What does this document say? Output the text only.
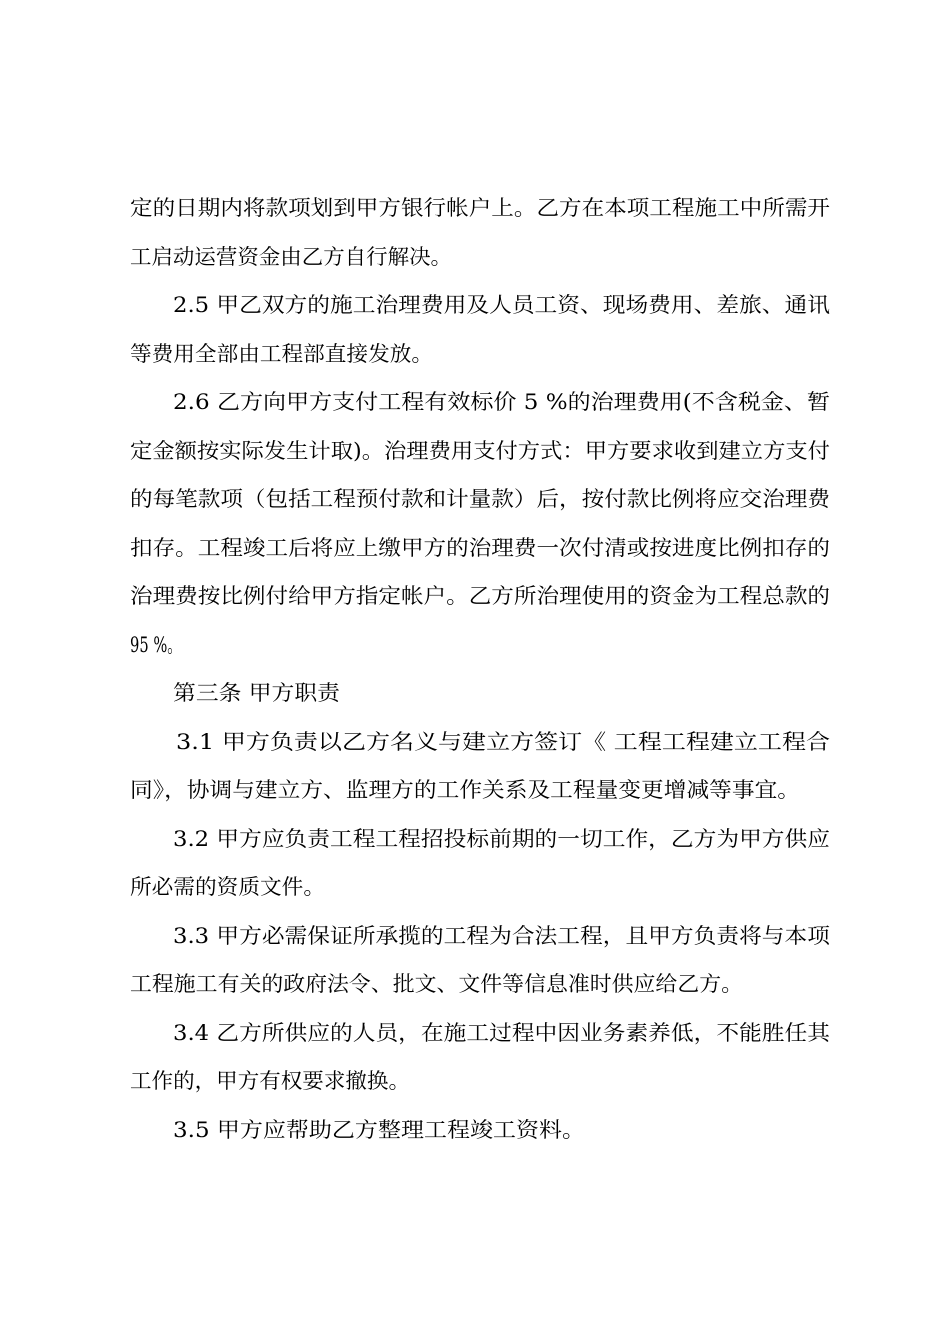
定的日期内将款项划到甲方银行帐户上。乙方在本项工程施工中所需开
工启动运营资金由乙方自行解决。
2.5 甲乙双方的施工治理费用及人员工资、现场费用、差旅、通讯
等费用全部由工程部直接发放。
2.6 乙方向甲方支付工程有效标价 5 %的治理费用(不含税金、暂
定金额按实际发生计取)。治理费用支付方式：甲方要求收到建立方支付
的每笔款项（包括工程预付款和计量款）后，按付款比例将应交治理费
扣存。工程竣工后将应上缴甲方的治理费一次付清或按进度比例扣存的
治理费按比例付给甲方指定帐户。乙方所治理使用的资金为工程总款的
95 %。
第三条 甲方职责
3.1 甲方负责以乙方名义与建立方签订《 工程工程建立工程合
同》，协调与建立方、监理方的工作关系及工程量变更增减等事宜。
3.2 甲方应负责工程工程招投标前期的一切工作，乙方为甲方供应
所必需的资质文件。
3.3 甲方必需保证所承揽的工程为合法工程，且甲方负责将与本项
工程施工有关的政府法令、批文、文件等信息准时供应给乙方。
3.4 乙方所供应的人员，在施工过程中因业务素养低，不能胜任其
工作的，甲方有权要求撤换。
3.5 甲方应帮助乙方整理工程竣工资料。
